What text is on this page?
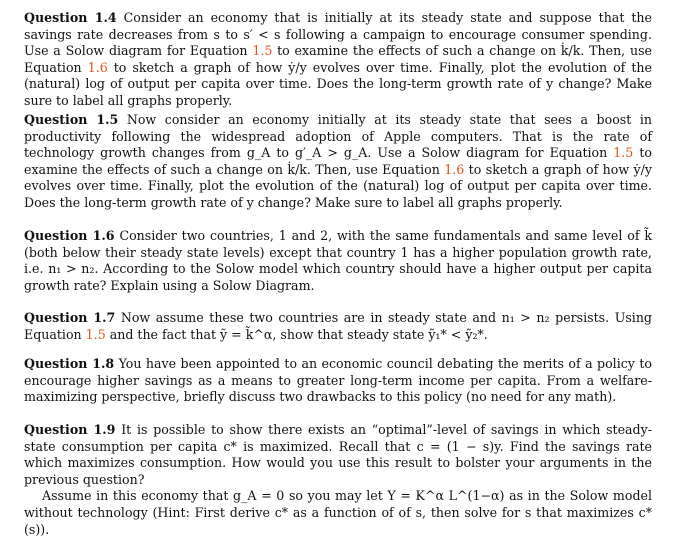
Question 1.4 Consider an economy that is initially at its steady state and suppose that the savings rate decreases from s to s′ < s following a campaign to encourage consumer spending. Use a Solow diagram for Equation 1.5 to examine the effects of such a change on k̇/k. Then, use Equation 1.6 to sketch a graph of how ẏ/y evolves over time. Finally, plot the evolution of the (natural) log of output per capita over time. Does the long-term growth rate of y change? Make sure to label all graphs properly.

Question 1.5 Now consider an economy initially at its steady state that sees a boost in productivity following the widespread adoption of Apple computers. That is the rate of technology growth changes from g_A to g′_A > g_A. Use a Solow diagram for Equation 1.5 to examine the effects of such a change on k̇/k. Then, use Equation 1.6 to sketch a graph of how ẏ/y evolves over time. Finally, plot the evolution of the (natural) log of output per capita over time. Does the long-term growth rate of y change? Make sure to label all graphs properly.

Question 1.6 Consider two countries, 1 and 2, with the same fundamentals and same level of k̃ (both below their steady state levels) except that country 1 has a higher population growth rate, i.e. n₁ > n₂. According to the Solow model which country should have a higher output per capita growth rate? Explain using a Solow Diagram.

Question 1.7 Now assume these two countries are in steady state and n₁ > n₂ persists. Using Equation 1.5 and the fact that ỹ = k̃^α, show that steady state ỹ₁* < ỹ₂*.

Question 1.8 You have been appointed to an economic council debating the merits of a policy to encourage higher savings as a means to greater long-term income per capita. From a welfare-maximizing perspective, briefly discuss two drawbacks to this policy (no need for any math).

Question 1.9 It is possible to show there exists an “optimal”-level of savings in which steady-state consumption per capita c* is maximized. Recall that c = (1 − s)y. Find the savings rate which maximizes consumption. How would you use this result to bolster your arguments in the previous question?
Assume in this economy that g_A = 0 so you may let Y = K^α L^(1−α) as in the Solow model without technology (Hint: First derive c* as a function of of s, then solve for s that maximizes c*(s)).
